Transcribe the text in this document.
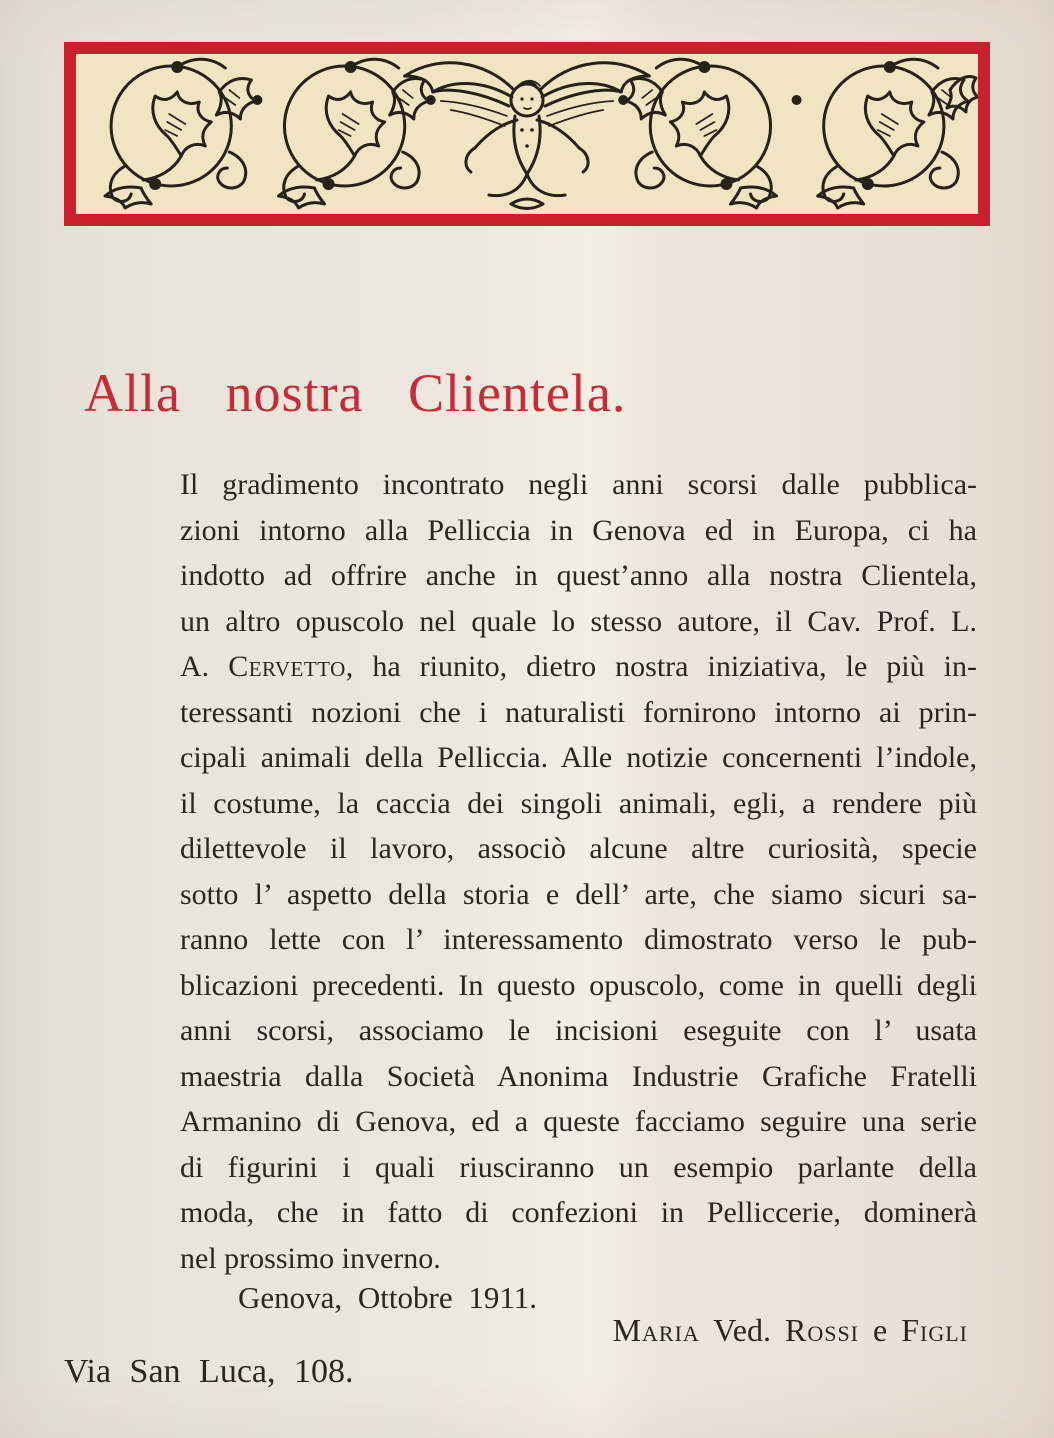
Alla nostra Clientela.
Il gradimento incontrato negli anni scorsi dalle pubblica-
zioni intorno alla Pelliccia in Genova ed in Europa, ci ha
indotto ad offrire anche in quest’anno alla nostra Clientela,
un altro opuscolo nel quale lo stesso autore, il Cav. Prof. L.
A. Cervetto, ha riunito, dietro nostra iniziativa, le più in-
teressanti nozioni che i naturalisti fornirono intorno ai prin-
cipali animali della Pelliccia. Alle notizie concernenti l’indole,
il costume, la caccia dei singoli animali, egli, a rendere più
dilettevole il lavoro, associò alcune altre curiosità, specie
sotto l’ aspetto della storia e dell’ arte, che siamo sicuri sa-
ranno lette con l’ interessamento dimostrato verso le pub-
blicazioni precedenti. In questo opuscolo, come in quelli degli
anni scorsi, associamo le incisioni eseguite con l’ usata
maestria dalla Società Anonima Industrie Grafiche Fratelli
Armanino di Genova, ed a queste facciamo seguire una serie
di figurini i quali riusciranno un esempio parlante della
moda, che in fatto di confezioni in Pelliccerie, dominerà
nel prossimo inverno.
Genova, Ottobre 1911.
Maria Ved. Rossi e Figli
Via San Luca, 108.
